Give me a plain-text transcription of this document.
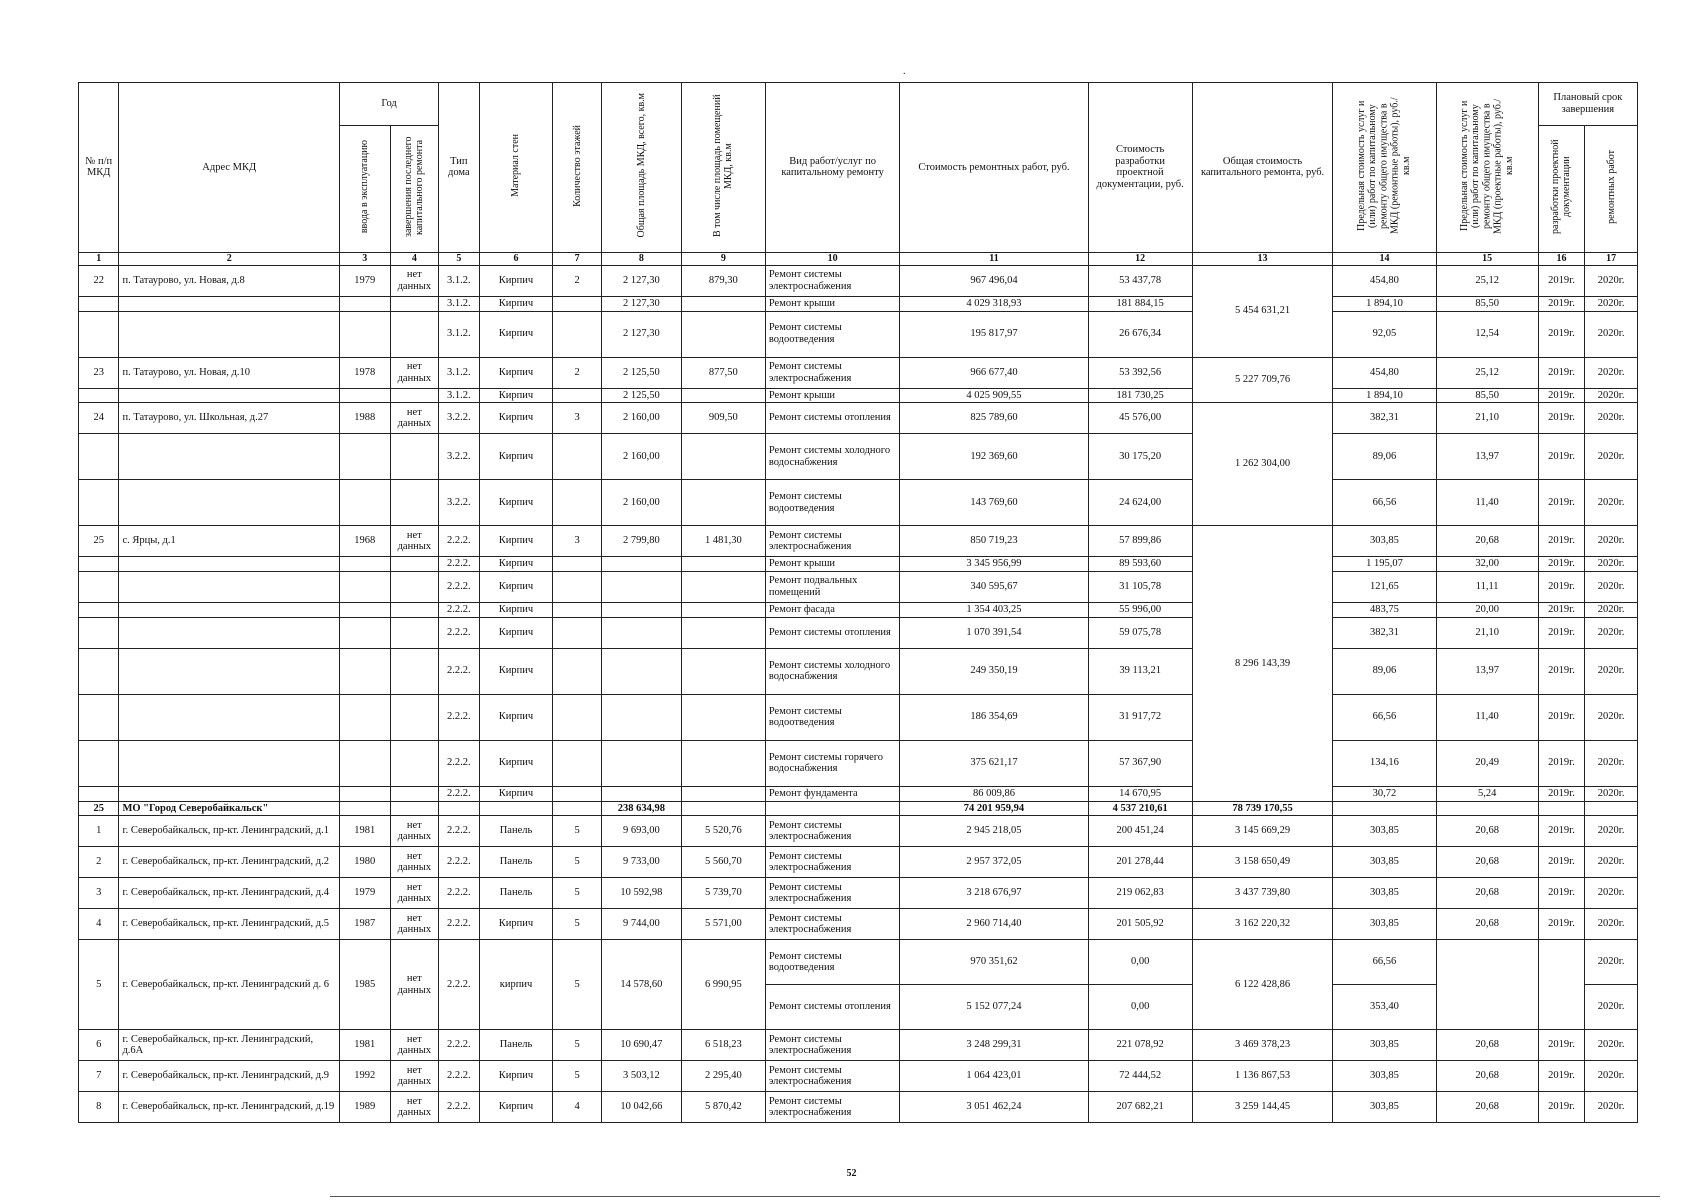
.
№ п/п МКД	Адрес МКД	Год		Тип дома	Материал стен	Количество этажей	Общая площадь МКД, всего, кв.м	В том числе площадь помещений МКД, кв.м	Вид работ/услуг по капитальному ремонту	Стоимость ремонтных работ, руб.	Стоимость разработки проектной документации, руб.	Общая стоимость капитального ремонта, руб.	Предельная стоимость услуг и (или) работ по капитальному ремонту общего имущества в МКД (ремонтные работы), руб./кв.м	Предельная стоимость услуг и (или) работ по капитальному ремонту общего имущества в МКД (проектные работы), руб./кв.м	Плановый срок завершения	
		ввода в эксплуатацию	завершения последнего капитального ремонта												разработки проектной документации	ремонтных работ
1	2	3	4	5	6	7	8	9	10	11	12	13	14	15	16	17
22	п. Татаурово, ул. Новая, д.8	1979	нет данных	3.1.2.	Кирпич	2	2 127,30	879,30	Ремонт системы электроснабжения	967 496,04	53 437,78	5 454 631,21	454,80	25,12	2019г.	2020г.
				3.1.2.	Кирпич		2 127,30		Ремонт крыши	4 029 318,93	181 884,15		1 894,10	85,50	2019г.	2020г.
				3.1.2.	Кирпич		2 127,30		Ремонт системы водоотведения	195 817,97	26 676,34		92,05	12,54	2019г.	2020г.
23	п. Татаурово, ул. Новая, д.10	1978	нет данных	3.1.2.	Кирпич	2	2 125,50	877,50	Ремонт системы электроснабжения	966 677,40	53 392,56	5 227 709,76	454,80	25,12	2019г.	2020г.
				3.1.2.	Кирпич		2 125,50		Ремонт крыши	4 025 909,55	181 730,25		1 894,10	85,50	2019г.	2020г.
24	п. Татаурово, ул. Школьная, д.27	1988	нет данных	3.2.2.	Кирпич	3	2 160,00	909,50	Ремонт системы отопления	825 789,60	45 576,00	1 262 304,00	382,31	21,10	2019г.	2020г.
				3.2.2.	Кирпич		2 160,00		Ремонт системы холодного водоснабжения	192 369,60	30 175,20		89,06	13,97	2019г.	2020г.
				3.2.2.	Кирпич		2 160,00		Ремонт системы водоотведения	143 769,60	24 624,00		66,56	11,40	2019г.	2020г.
25	с. Ярцы, д.1	1968	нет данных	2.2.2.	Кирпич	3	2 799,80	1 481,30	Ремонт системы электроснабжения	850 719,23	57 899,86	8 296 143,39	303,85	20,68	2019г.	2020г.
				2.2.2.	Кирпич				Ремонт крыши	3 345 956,99	89 593,60		1 195,07	32,00	2019г.	2020г.
				2.2.2.	Кирпич				Ремонт подвальных помещений	340 595,67	31 105,78		121,65	11,11	2019г.	2020г.
				2.2.2.	Кирпич				Ремонт фасада	1 354 403,25	55 996,00		483,75	20,00	2019г.	2020г.
				2.2.2.	Кирпич				Ремонт системы отопления	1 070 391,54	59 075,78		382,31	21,10	2019г.	2020г.
				2.2.2.	Кирпич				Ремонт системы холодного водоснабжения	249 350,19	39 113,21		89,06	13,97	2019г.	2020г.
				2.2.2.	Кирпич				Ремонт системы водоотведения	186 354,69	31 917,72		66,56	11,40	2019г.	2020г.
				2.2.2.	Кирпич				Ремонт системы горячего водоснабжения	375 621,17	57 367,90		134,16	20,49	2019г.	2020г.
				2.2.2.	Кирпич				Ремонт фундамента	86 009,86	14 670,95		30,72	5,24	2019г.	2020г.
25	МО "Город Северобайкальск"						238 634,98			74 201 959,94	4 537 210,61	78 739 170,55				
1	г. Северобайкальск, пр-кт. Ленинградский, д.1	1981	нет данных	2.2.2.	Панель	5	9 693,00	5 520,76	Ремонт системы электроснабжения	2 945 218,05	200 451,24	3 145 669,29	303,85	20,68	2019г.	2020г.
2	г. Северобайкальск, пр-кт. Ленинградский, д.2	1980	нет данных	2.2.2.	Панель	5	9 733,00	5 560,70	Ремонт системы электроснабжения	2 957 372,05	201 278,44	3 158 650,49	303,85	20,68	2019г.	2020г.
3	г. Северобайкальск, пр-кт. Ленинградский, д.4	1979	нет данных	2.2.2.	Панель	5	10 592,98	5 739,70	Ремонт системы электроснабжения	3 218 676,97	219 062,83	3 437 739,80	303,85	20,68	2019г.	2020г.
4	г. Северобайкальск, пр-кт. Ленинградский, д.5	1987	нет данных	2.2.2.	Кирпич	5	9 744,00	5 571,00	Ремонт системы электроснабжения	2 960 714,40	201 505,92	3 162 220,32	303,85	20,68	2019г.	2020г.
5	г. Северобайкальск, пр-кт. Ленинградский д. 6	1985	нет данных	2.2.2.	кирпич	5	14 578,60	6 990,95	Ремонт системы водоотведения	970 351,62	0,00	6 122 428,86	66,56			2020г.
									Ремонт системы отопления	5 152 077,24	0,00		353,40			2020г.
6	г. Северобайкальск, пр-кт. Ленинградский, д.6А	1981	нет данных	2.2.2.	Панель	5	10 690,47	6 518,23	Ремонт системы электроснабжения	3 248 299,31	221 078,92	3 469 378,23	303,85	20,68	2019г.	2020г.
7	г. Северобайкальск, пр-кт. Ленинградский, д.9	1992	нет данных	2.2.2.	Кирпич	5	3 503,12	2 295,40	Ремонт системы электроснабжения	1 064 423,01	72 444,52	1 136 867,53	303,85	20,68	2019г.	2020г.
8	г. Северобайкальск, пр-кт. Ленинградский, д.19	1989	нет данных	2.2.2.	Кирпич	4	10 042,66	5 870,42	Ремонт системы электроснабжения	3 051 462,24	207 682,21	3 259 144,45	303,85	20,68	2019г.	2020г.
52
